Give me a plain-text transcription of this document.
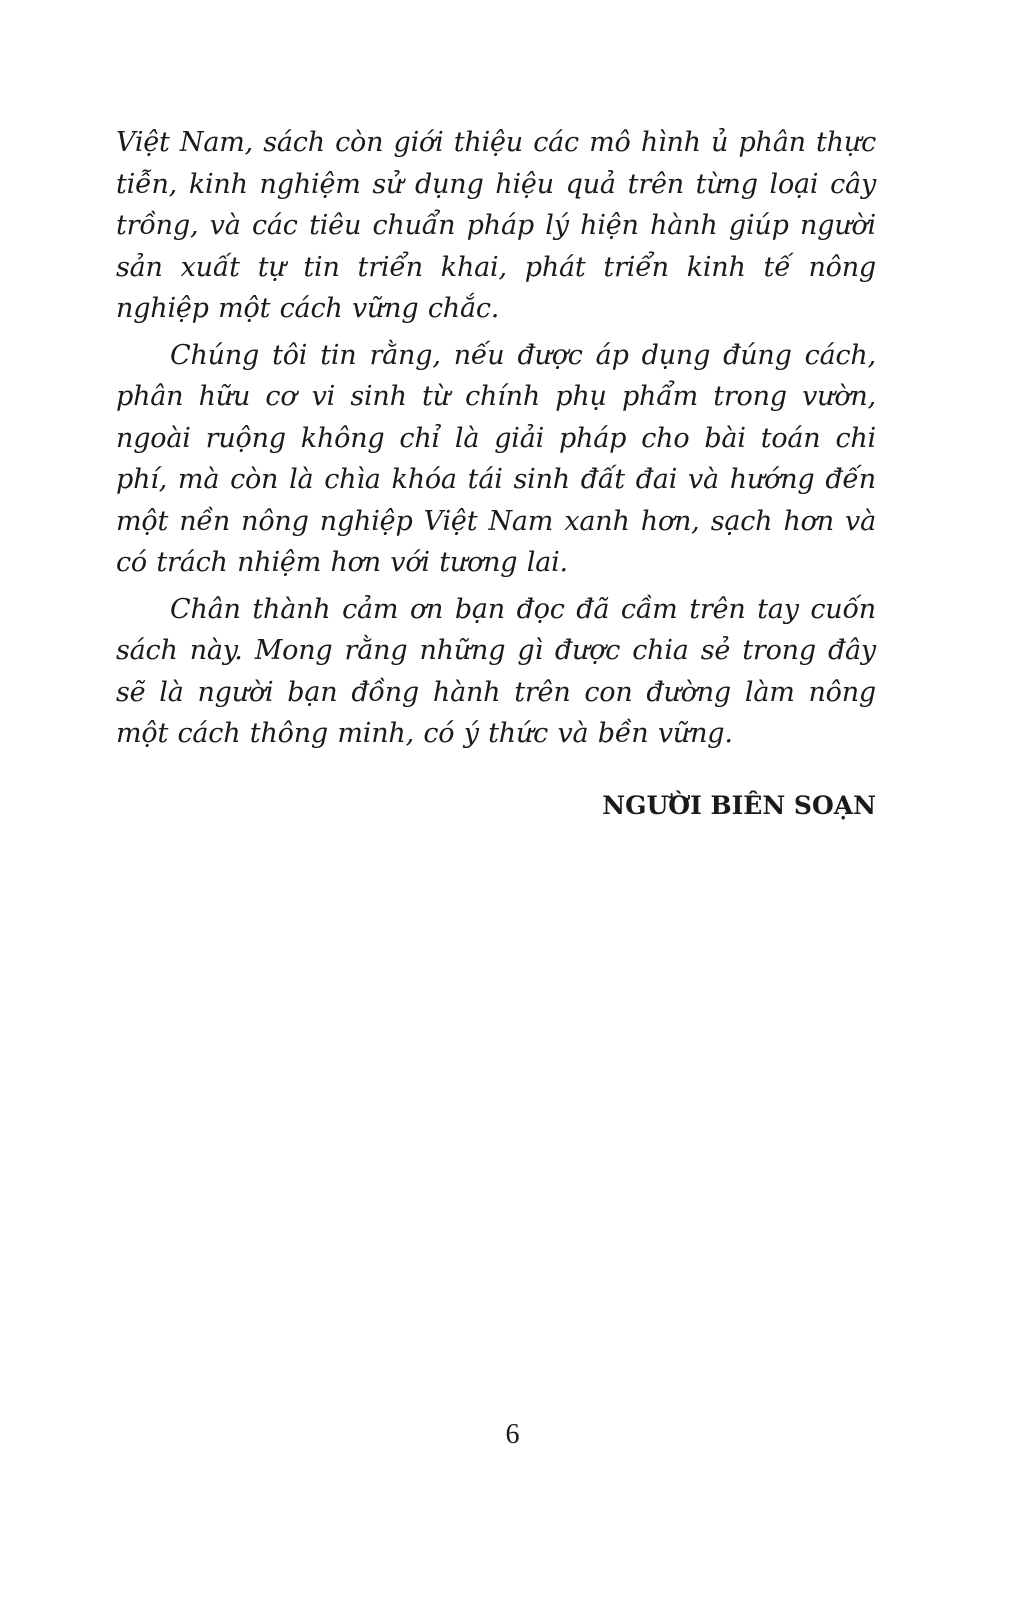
Việt Nam, sách còn giới thiệu các mô hình ủ phân thực tiễn, kinh nghiệm sử dụng hiệu quả trên từng loại cây trồng, và các tiêu chuẩn pháp lý hiện hành giúp người sản xuất tự tin triển khai, phát triển kinh tế nông nghiệp một cách vững chắc.

Chúng tôi tin rằng, nếu được áp dụng đúng cách, phân hữu cơ vi sinh từ chính phụ phẩm trong vườn, ngoài ruộng không chỉ là giải pháp cho bài toán chi phí, mà còn là chìa khóa tái sinh đất đai và hướng đến một nền nông nghiệp Việt Nam xanh hơn, sạch hơn và có trách nhiệm hơn với tương lai.

Chân thành cảm ơn bạn đọc đã cầm trên tay cuốn sách này. Mong rằng những gì được chia sẻ trong đây sẽ là người bạn đồng hành trên con đường làm nông một cách thông minh, có ý thức và bền vững.

NGƯỜI BIÊN SOẠN
6
